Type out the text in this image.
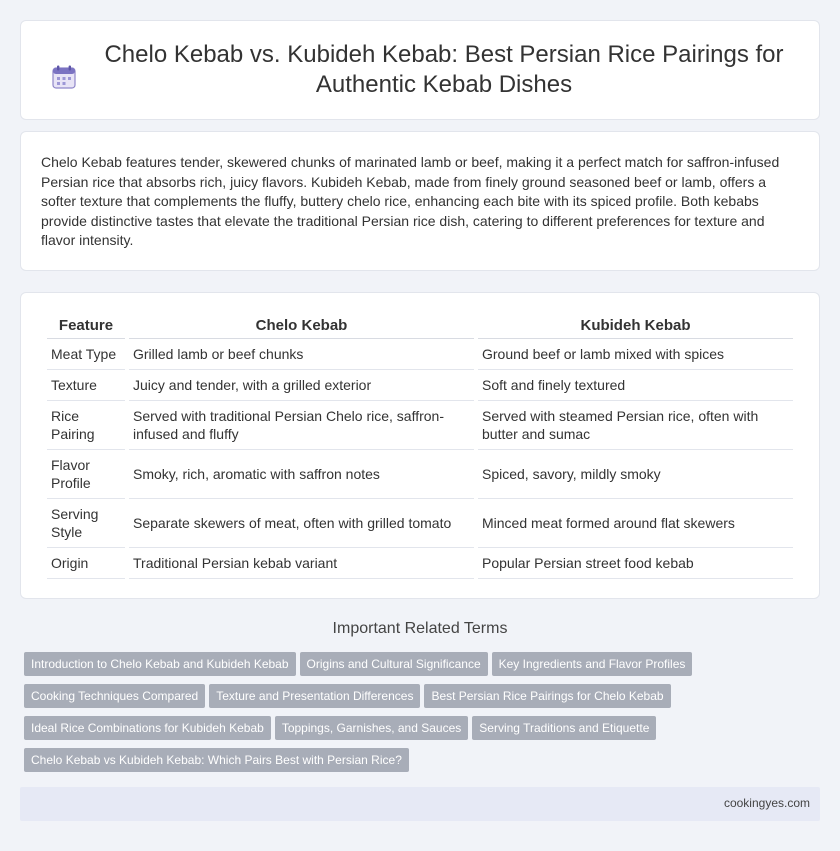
Chelo Kebab vs. Kubideh Kebab: Best Persian Rice Pairings for Authentic Kebab Dishes

Chelo Kebab features tender, skewered chunks of marinated lamb or beef, making it a perfect match for saffron-infused Persian rice that absorbs rich, juicy flavors. Kubideh Kebab, made from finely ground seasoned beef or lamb, offers a softer texture that complements the fluffy, buttery chelo rice, enhancing each bite with its spiced profile. Both kebabs provide distinctive tastes that elevate the traditional Persian rice dish, catering to different preferences for texture and flavor intensity.

Feature	Chelo Kebab	Kubideh Kebab
Meat Type	Grilled lamb or beef chunks	Ground beef or lamb mixed with spices
Texture	Juicy and tender, with a grilled exterior	Soft and finely textured
Rice Pairing	Served with traditional Persian Chelo rice, saffron-infused and fluffy	Served with steamed Persian rice, often with butter and sumac
Flavor Profile	Smoky, rich, aromatic with saffron notes	Spiced, savory, mildly smoky
Serving Style	Separate skewers of meat, often with grilled tomato	Minced meat formed around flat skewers
Origin	Traditional Persian kebab variant	Popular Persian street food kebab
Important Related Terms
Introduction to Chelo Kebab and Kubideh Kebab Origins and Cultural Significance Key Ingredients and Flavor Profiles
Cooking Techniques Compared Texture and Presentation Differences Best Persian Rice Pairings for Chelo Kebab
Ideal Rice Combinations for Kubideh Kebab Toppings, Garnishes, and Sauces Serving Traditions and Etiquette
Chelo Kebab vs Kubideh Kebab: Which Pairs Best with Persian Rice?
cookingyes.com
